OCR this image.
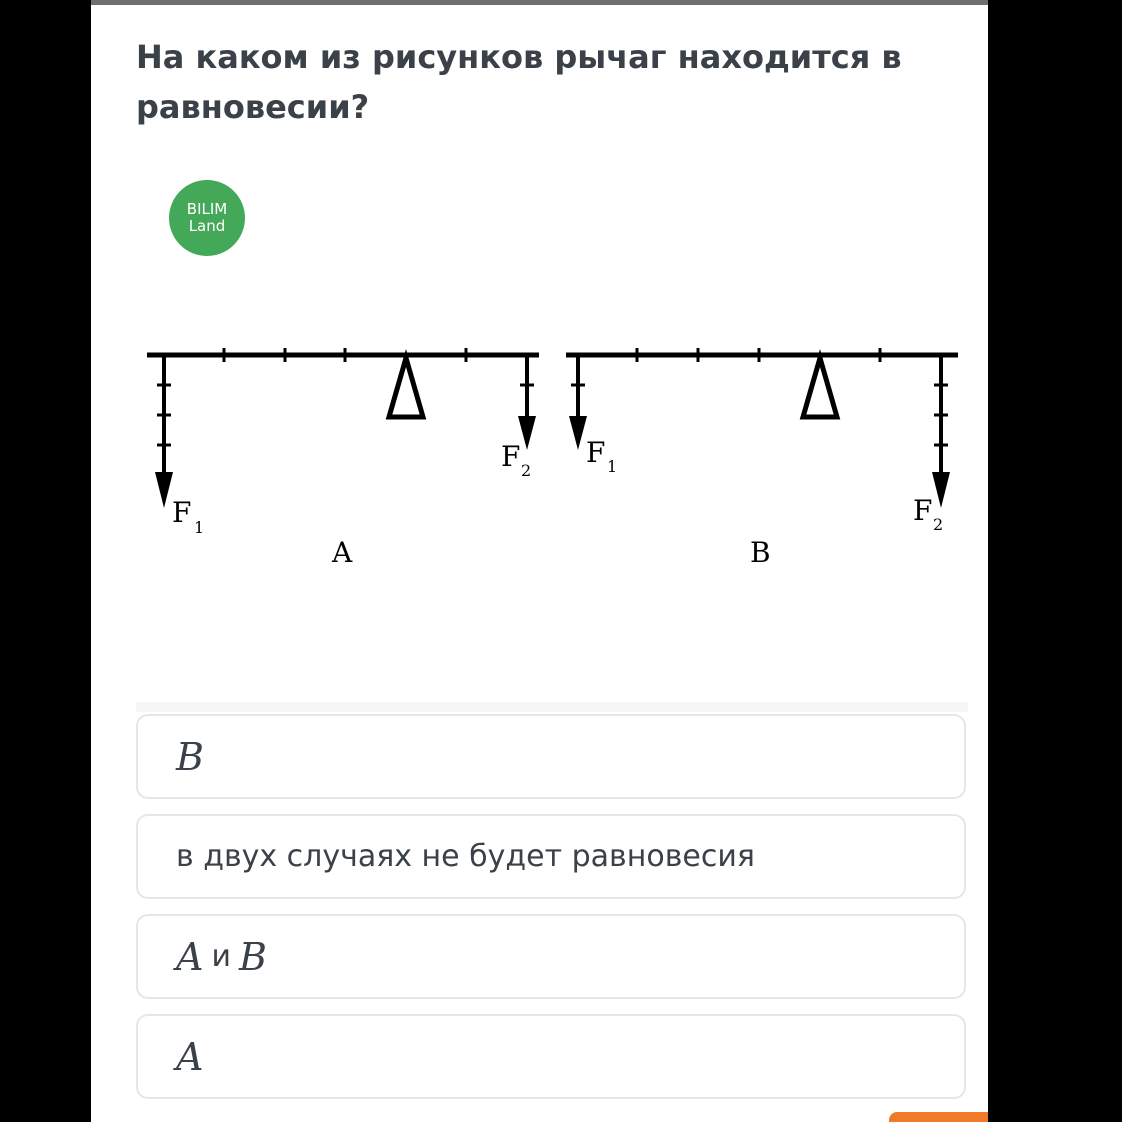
На каком из рисунков рычаг находится в равновесии?
BILIM
Land
F 1
F 2
A
F 1
F 2
B
B
в двух случаях не будет равновесия
A и B
A
